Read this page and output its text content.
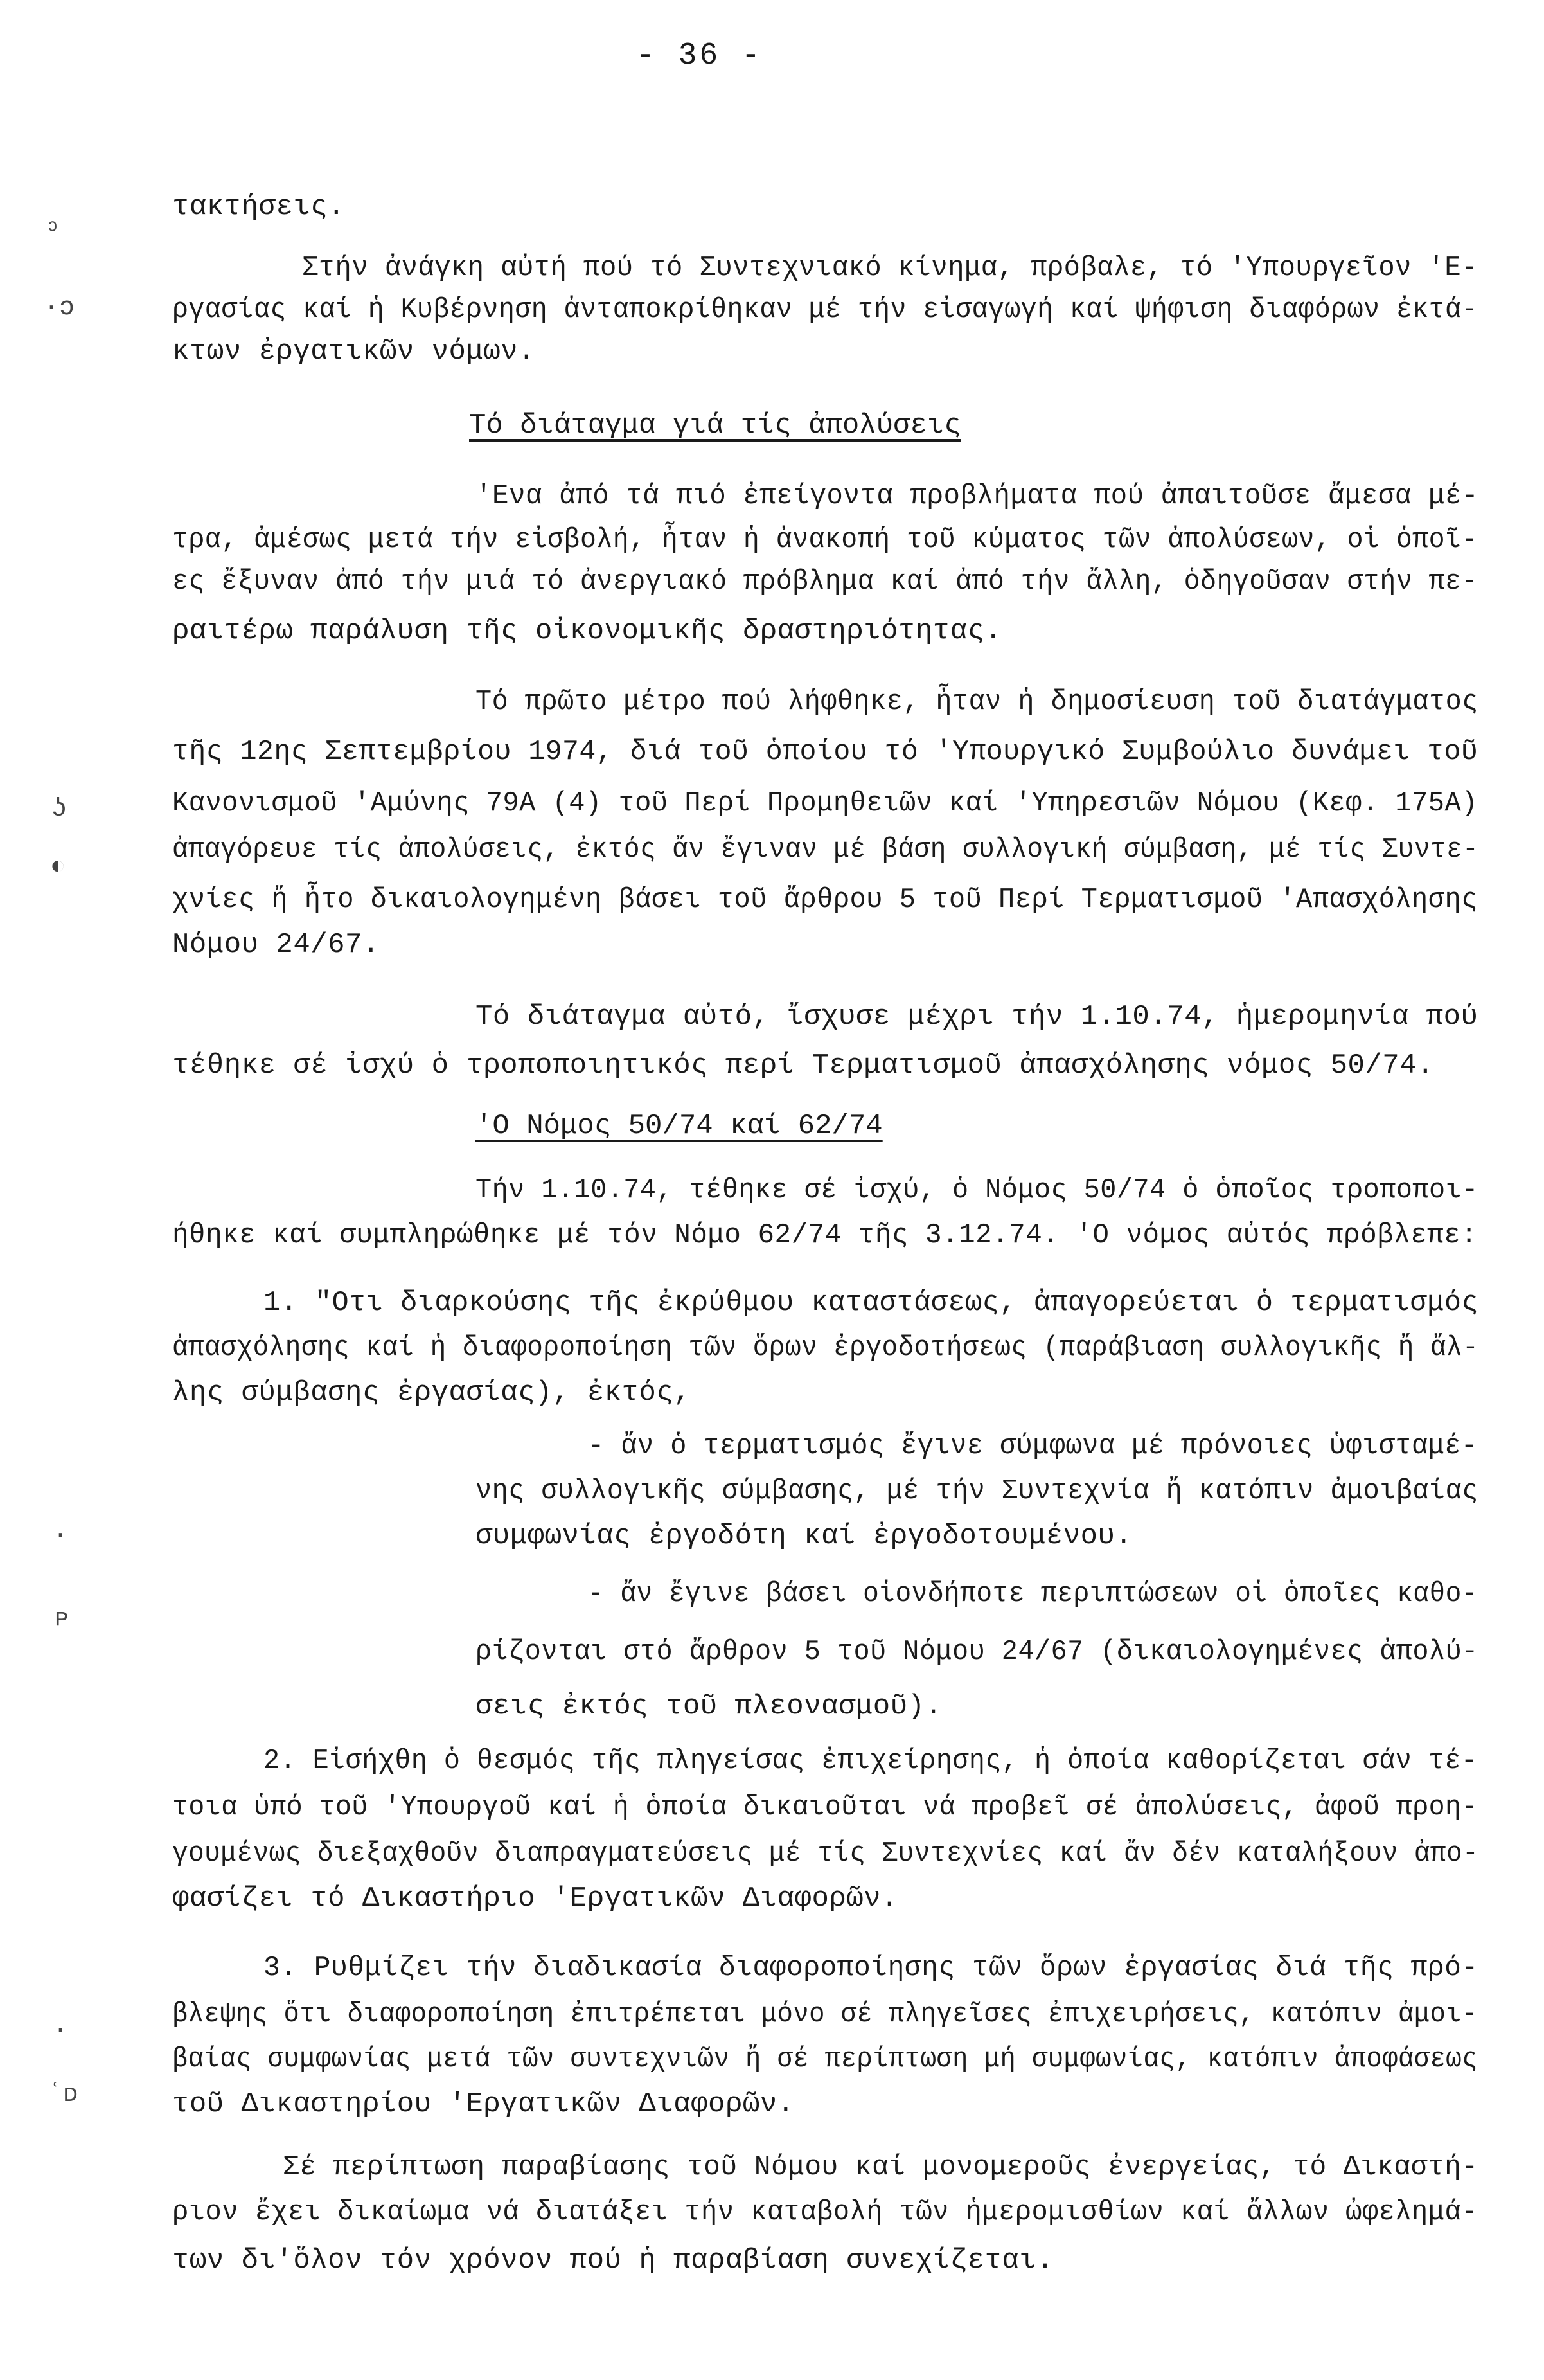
- 36 -
ᵓ
·ͻ
ʖ
◐
·
ᴘ
·
ʿᴅ
τακτήσεις.
Στήν ἀνάγκη αὐτή πού τό Συντεχνιακό κίνημα, πρόβαλε, τό 'Υπουργεῖον 'Ε-
ργασίας καί ἡ Κυβέρνηση ἀνταποκρίθηκαν μέ τήν εἰσαγωγή καί ψήφιση διαφόρων ἐκτά-
κτων ἐργατικῶν νόμων.
Τό διάταγμα γιά τίς ἀπολύσεις
'Ενα ἀπό τά πιό ἐπείγοντα προβλήματα πού ἀπαιτοῦσε ἄμεσα μέ-
τρα, ἀμέσως μετά τήν εἰσβολή, ἦταν ἡ ἀνακοπή τοῦ κύματος τῶν ἀπολύσεων, οἱ ὁποῖ-
ες ἔξυναν ἀπό τήν μιά τό ἀνεργιακό πρόβλημα καί ἀπό τήν ἄλλη, ὁδηγοῦσαν στήν πε-
ραιτέρω παράλυση τῆς οἰκονομικῆς δραστηριότητας.
Τό πρῶτο μέτρο πού λήφθηκε, ἦταν ἡ δημοσίευση τοῦ διατάγματος
τῆς 12ης Σεπτεμβρίου 1974, διά τοῦ ὁποίου τό 'Υπουργικό Συμβούλιο δυνάμει τοῦ
Κανονισμοῦ 'Αμύνης 79Α (4) τοῦ Περί Προμηθειῶν καί 'Υπηρεσιῶν Νόμου (Κεφ. 175Α)
ἀπαγόρευε τίς ἀπολύσεις, ἐκτός ἄν ἔγιναν μέ βάση συλλογική σύμβαση, μέ τίς Συντε-
χνίες ἤ ἦτο δικαιολογημένη βάσει τοῦ ἄρθρου 5 τοῦ Περί Τερματισμοῦ 'Απασχόλησης
Νόμου 24/67.
Τό διάταγμα αὐτό, ἴσχυσε μέχρι τήν 1.10.74, ἡμερομηνία πού
τέθηκε σέ ἰσχύ ὁ τροποποιητικός περί Τερματισμοῦ ἀπασχόλησης νόμος 50/74.
'Ο Νόμος 50/74 καί 62/74
Τήν 1.10.74, τέθηκε σέ ἰσχύ, ὁ Νόμος 50/74 ὁ ὁποῖος τροποποι-
ήθηκε καί συμπληρώθηκε μέ τόν Νόμο 62/74 τῆς 3.12.74. 'Ο νόμος αὐτός πρόβλεπε:
1. "Οτι διαρκούσης τῆς ἐκρύθμου καταστάσεως, ἀπαγορεύεται ὁ τερματισμός
ἀπασχόλησης καί ἡ διαφοροποίηση τῶν ὅρων ἐργοδοτήσεως (παράβιαση συλλογικῆς ἤ ἄλ-
λης σύμβασης ἐργασίας), ἐκτός,
- ἄν ὁ τερματισμός ἔγινε σύμφωνα μέ πρόνοιες ὑφισταμέ-
νης συλλογικῆς σύμβασης, μέ τήν Συντεχνία ἤ κατόπιν ἀμοιβαίας
συμφωνίας ἐργοδότη καί ἐργοδοτουμένου.
- ἄν ἔγινε βάσει οἱονδήποτε περιπτώσεων οἱ ὁποῖες καθο-
ρίζονται στό ἄρθρον 5 τοῦ Νόμου 24/67 (δικαιολογημένες ἀπολύ-
σεις ἐκτός τοῦ πλεονασμοῦ).
2. Εἰσήχθη ὁ θεσμός τῆς πληγείσας ἐπιχείρησης, ἡ ὁποία καθορίζεται σάν τέ-
τοια ὑπό τοῦ 'Υπουργοῦ καί ἡ ὁποία δικαιοῦται νά προβεῖ σέ ἀπολύσεις, ἀφοῦ προη-
γουμένως διεξαχθοῦν διαπραγματεύσεις μέ τίς Συντεχνίες καί ἄν δέν καταλήξουν ἀπο-
φασίζει τό Δικαστήριο 'Εργατικῶν Διαφορῶν.
3. Ρυθμίζει τήν διαδικασία διαφοροποίησης τῶν ὅρων ἐργασίας διά τῆς πρό-
βλεψης ὅτι διαφοροποίηση ἐπιτρέπεται μόνο σέ πληγεῖσες ἐπιχειρήσεις, κατόπιν ἀμοι-
βαίας συμφωνίας μετά τῶν συντεχνιῶν ἤ σέ περίπτωση μή συμφωνίας, κατόπιν ἀποφάσεως
τοῦ Δικαστηρίου 'Εργατικῶν Διαφορῶν.
Σέ περίπτωση παραβίασης τοῦ Νόμου καί μονομεροῦς ἐνεργείας, τό Δικαστή-
ριον ἔχει δικαίωμα νά διατάξει τήν καταβολή τῶν ἡμερομισθίων καί ἄλλων ὠφελημά-
των δι'ὅλον τόν χρόνον πού ἡ παραβίαση συνεχίζεται.
